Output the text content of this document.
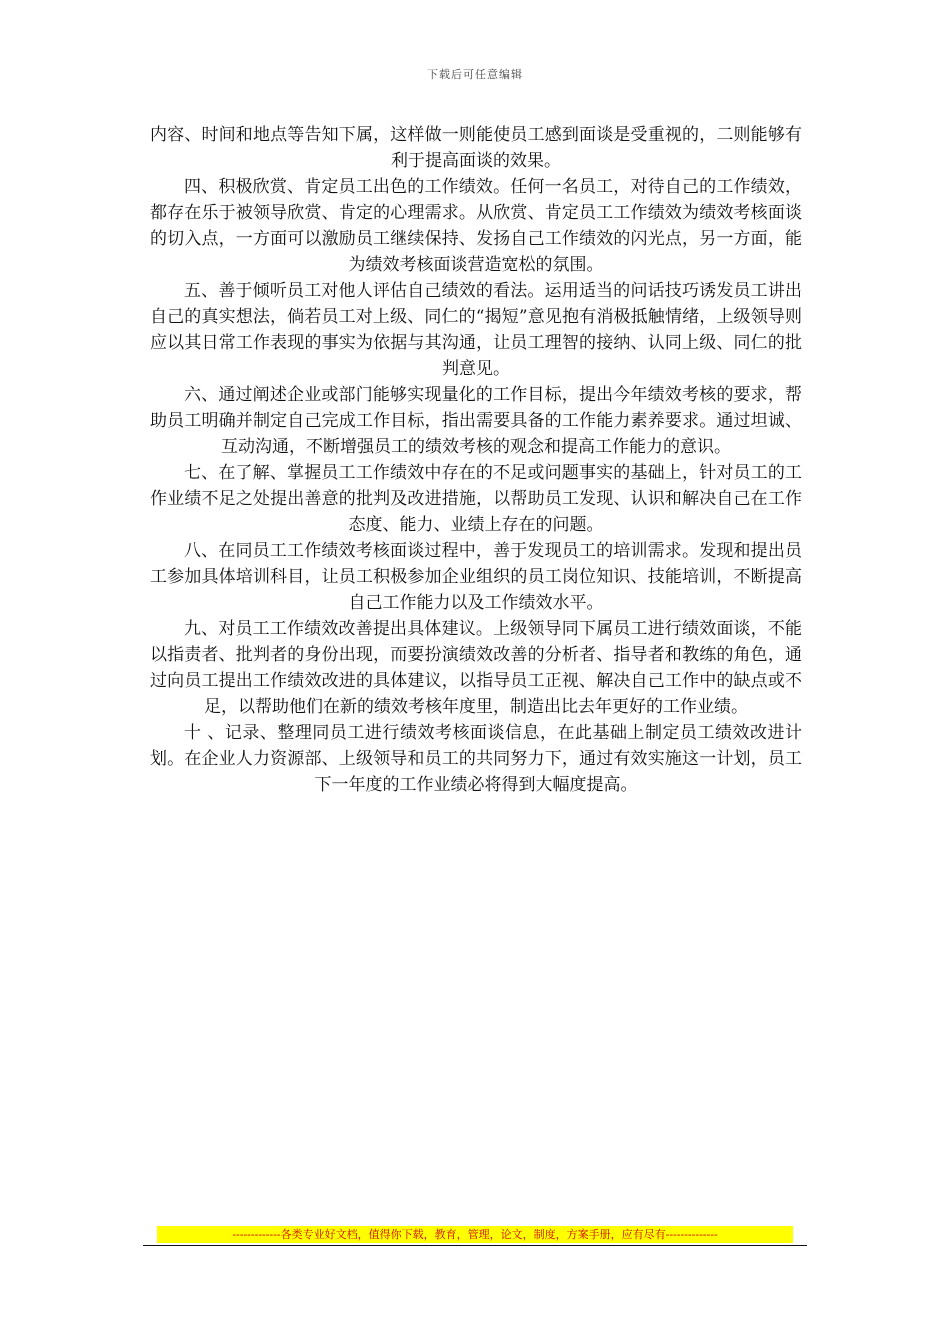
下载后可任意编辑

内容、时间和地点等告知下属，这样做一则能使员工感到面谈是受重视的，二则能够有利于提高面谈的效果。

四、积极欣赏、肯定员工出色的工作绩效。任何一名员工，对待自己的工作绩效，都存在乐于被领导欣赏、肯定的心理需求。从欣赏、肯定员工工作绩效为绩效考核面谈的切入点，一方面可以激励员工继续保持、发扬自己工作绩效的闪光点，另一方面，能为绩效考核面谈营造宽松的氛围。

五、善于倾听员工对他人评估自己绩效的看法。运用适当的问话技巧诱发员工讲出自己的真实想法，倘若员工对上级、同仁的“揭短”意见抱有消极抵触情绪，上级领导则应以其日常工作表现的事实为依据与其沟通，让员工理智的接纳、认同上级、同仁的批判意见。

六、通过阐述企业或部门能够实现量化的工作目标，提出今年绩效考核的要求，帮助员工明确并制定自己完成工作目标，指出需要具备的工作能力素养要求。通过坦诚、互动沟通，不断增强员工的绩效考核的观念和提高工作能力的意识。

七、在了解、掌握员工工作绩效中存在的不足或问题事实的基础上，针对员工的工作业绩不足之处提出善意的批判及改进措施，以帮助员工发现、认识和解决自己在工作态度、能力、业绩上存在的问题。

八、在同员工工作绩效考核面谈过程中，善于发现员工的培训需求。发现和提出员工参加具体培训科目，让员工积极参加企业组织的员工岗位知识、技能培训，不断提高自己工作能力以及工作绩效水平。

九、对员工工作绩效改善提出具体建议。上级领导同下属员工进行绩效面谈，不能以指责者、批判者的身份出现，而要扮演绩效改善的分析者、指导者和教练的角色，通过向员工提出工作绩效改进的具体建议，以指导员工正视、解决自己工作中的缺点或不足，以帮助他们在新的绩效考核年度里，制造出比去年更好的工作业绩。

十 、记录、整理同员工进行绩效考核面谈信息，在此基础上制定员工绩效改进计划。在企业人力资源部、上级领导和员工的共同努力下，通过有效实施这一计划，员工下一年度的工作业绩必将得到大幅度提高。

-------------各类专业好文档，值得你下载，教育，管理，论文，制度，方案手册，应有尽有--------------
